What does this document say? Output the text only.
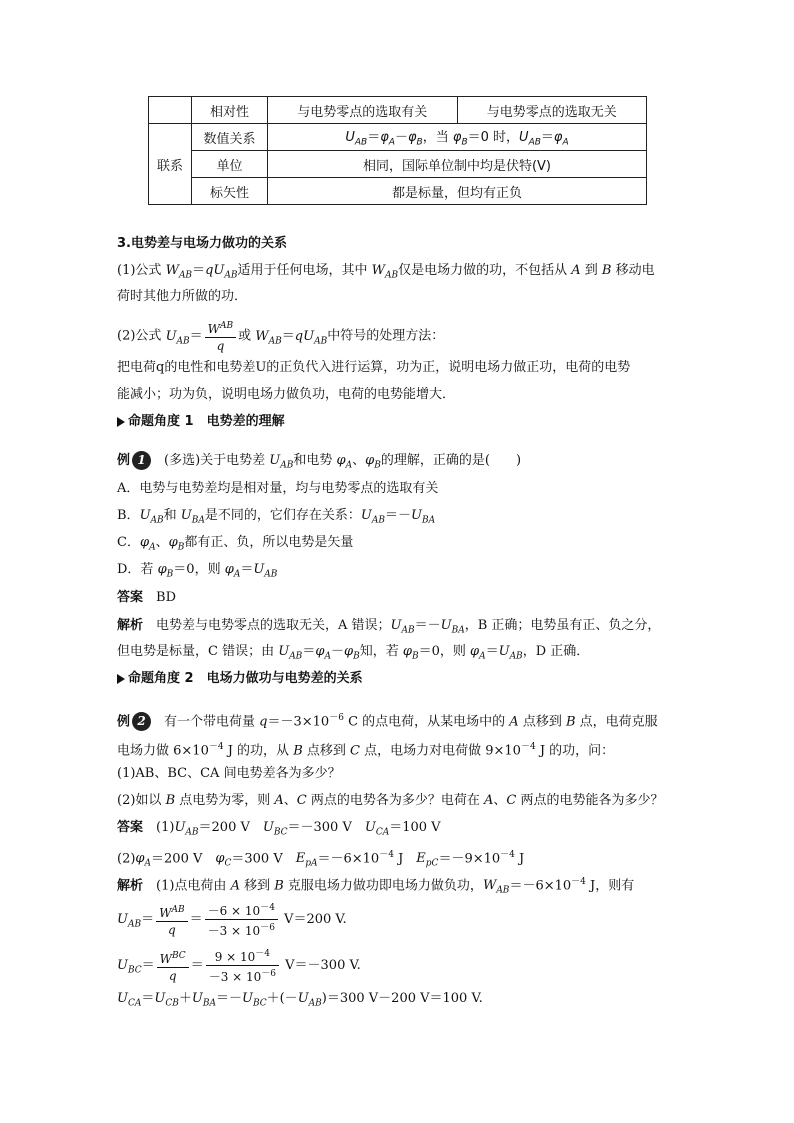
	相对性	与电势零点的选取有关	与电势零点的选取无关
联系	数值关系	$U_{AB}=\varphi_A-\varphi_B$，当 $\varphi_B=0$ 时，$U_{AB}=\varphi_A$
	单位	相同，国际单位制中均是伏特(V)	
	标矢性	都是标量，但均有正负	
3.电势差与电场力做功的关系
(1)公式 $W_{AB}=qU_{AB}$适用于任何电场，其中 $W_{AB}$仅是电场力做的功，不包括从 A 到 B 移动电
荷时其他力所做的功．
(2)公式 $U_{AB}= \frac{W^{AB}}{q}$ 或 $W_{AB}=qU_{AB}$中符号的处理方法：
把电荷q的电性和电势差U的正负代入进行运算，功为正，说明电场力做正功，电荷的电势
能减小；功为负，说明电场力做负功，电荷的电势能增大．
命题角度 1　电势差的理解
例 1　(多选)关于电势差 $U_{AB}$和电势 $\varphi_A$、$\varphi_B$的理解，正确的是(　　)
A．电势与电势差均是相对量，均与电势零点的选取有关
B．$U_{AB}$和 $U_{BA}$是不同的，它们存在关系：$U_{AB}=-U_{BA}$
C．$\varphi_A$、$\varphi_B$都有正、负，所以电势是矢量
D．若 $\varphi_B=0$，则 $\varphi_A=U_{AB}$
答案　 BD
解析　电势差与电势零点的选取无关，A 错误；$U_{AB}=-U_{BA}$，B 正确；电势虽有正、负之分，
但电势是标量，C 错误；由 $U_{AB}=\varphi_A-\varphi_B$知，若 $\varphi_B=0$，则 $\varphi_A=U_{AB}$，D 正确．
命题角度 2　电场力做功与电势差的关系
例 2　有一个带电荷量 $q=-3\times 10^{-6}$ C 的点电荷，从某电场中的 A 点移到 B 点，电荷克服
电场力做 $6\times 10^{-4}$ J 的功，从 B 点移到 C 点，电场力对电荷做 $9\times 10^{-4}$ J 的功，问：
(1)AB、BC、CA 间电势差各为多少？
(2)如以 B 点电势为零，则 A、C 两点的电势各为多少？电荷在 A、C 两点的电势能各为多少？
答案　$(1)U_{AB}=200$ V　$U_{BC}=-300$ V　$U_{CA}=100$ V
$(2)\varphi_A=200$ V　$\varphi_C=300$ V　$E_{pA}=-6\times 10^{-4}$ J　$E_{pC}=-9\times 10^{-4}$ J
解析　(1)点电荷由 A 移到 B 克服电场力做功即电场力做负功，$W_{AB}=-6\times 10^{-4}$ J，则有
$U_{AB}= \frac{W^{AB}}{q} = \frac{-6 \times 10^{-4}}{-3 \times 10^{-6}} V=200$ V.
$U_{BC}= \frac{W^{BC}}{q} = \frac{9 \times 10^{-4}}{-3 \times 10^{-6}} V=-300$ V.
$U_{CA}=U_{CB}+U_{BA}=-U_{BC}+(-U_{AB})=300$ V－200 V＝100 V.
